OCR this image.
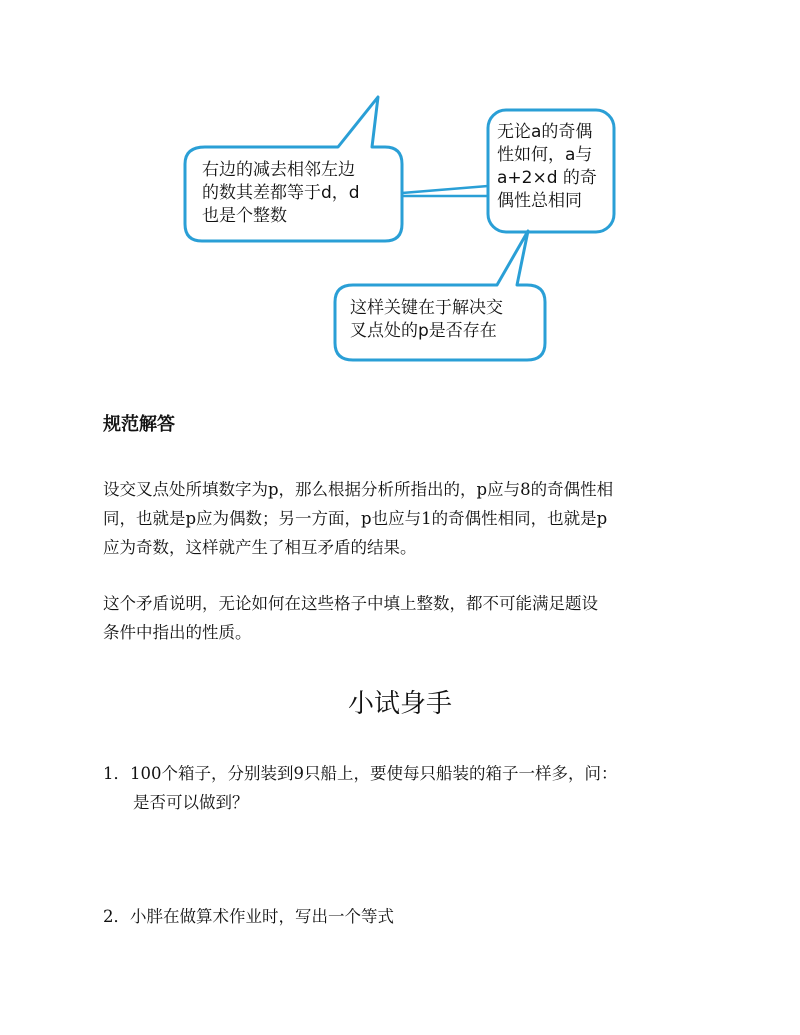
右边的减去相邻左边
的数其差都等于d，d
也是个整数
无论a的奇偶
性如何，a与
a+2×d 的奇
偶性总相同
这样关键在于解决交
叉点处的p是否存在
规范解答

设交叉点处所填数字为p，那么根据分析所指出的，p应与8的奇偶性相
同，也就是p应为偶数；另一方面，p也应与1的奇偶性相同，也就是p
应为奇数，这样就产生了相互矛盾的结果。

这个矛盾说明，无论如何在这些格子中填上整数，都不可能满足题设
条件中指出的性质。

小试身手

1．100个箱子，分别装到9只船上，要使每只船装的箱子一样多，问：
是否可以做到？

2．小胖在做算术作业时，写出一个等式
